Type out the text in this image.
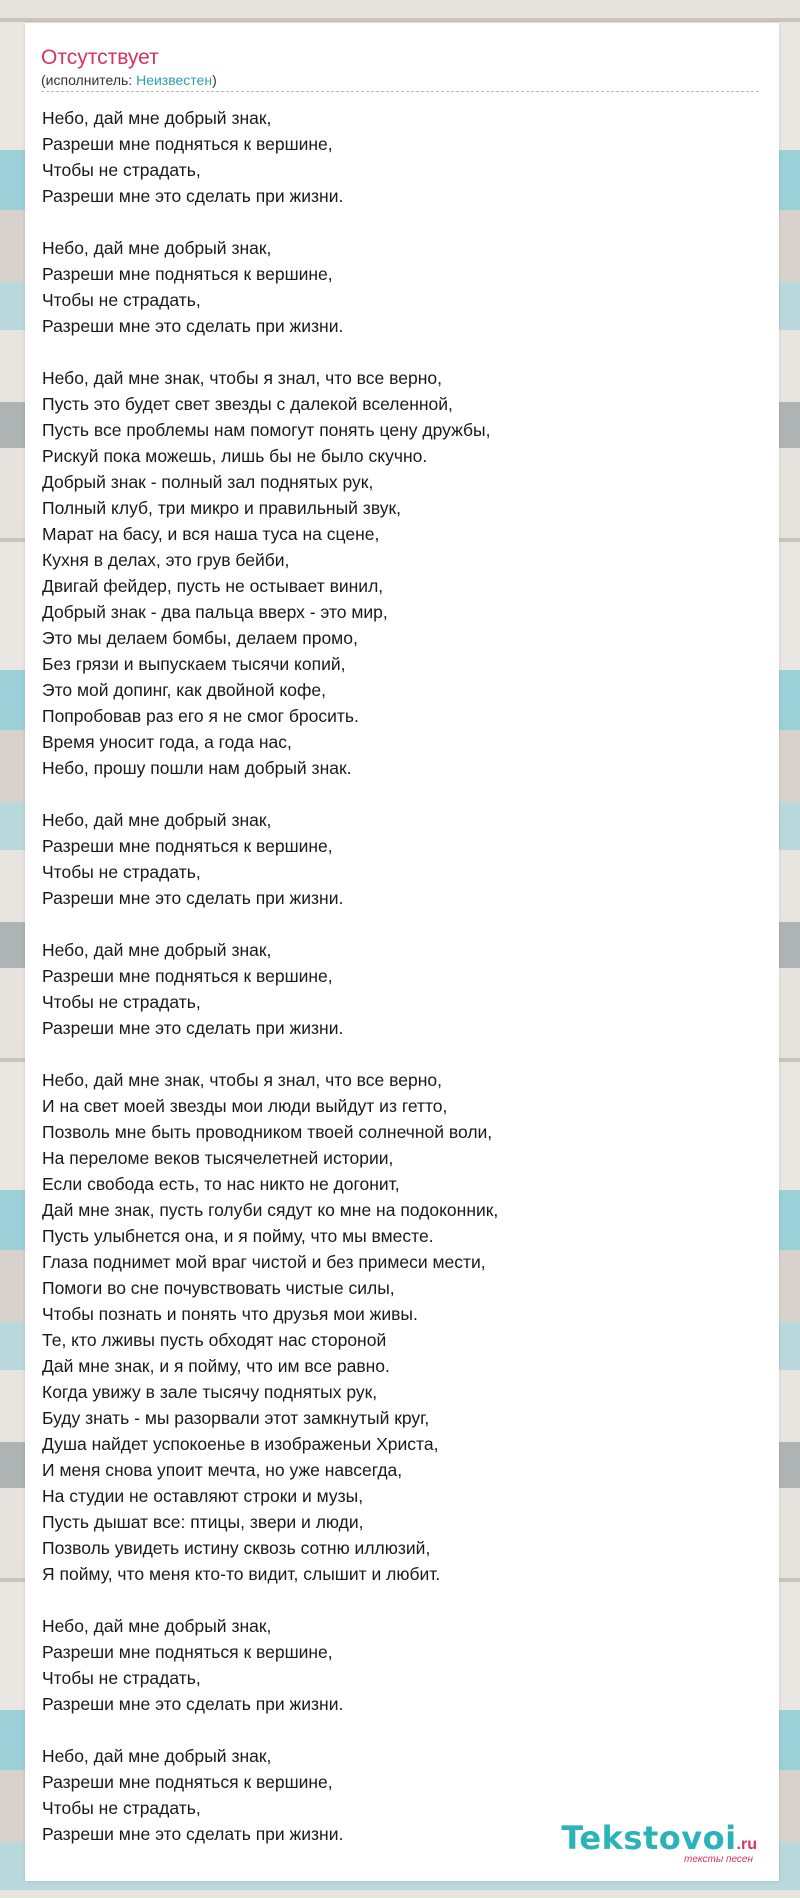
Отсутствует
(исполнитель: Неизвестен)
Небо, дай мне добрый знак,
Разреши мне подняться к вершине,
Чтобы не страдать,
Разреши мне это сделать при жизни.
Небо, дай мне добрый знак,
Разреши мне подняться к вершине,
Чтобы не страдать,
Разреши мне это сделать при жизни.
Небо, дай мне знак, чтобы я знал, что все верно,
Пусть это будет свет звезды с далекой вселенной,
Пусть все проблемы нам помогут понять цену дружбы,
Рискуй пока можешь, лишь бы не было скучно.
Добрый знак - полный зал поднятых рук,
Полный клуб, три микро и правильный звук,
Марат на басу, и вся наша туса на сцене,
Кухня в делах, это грув бейби,
Двигай фейдер, пусть не остывает винил,
Добрый знак - два пальца вверх - это мир,
Это мы делаем бомбы, делаем промо,
Без грязи и выпускаем тысячи копий,
Это мой допинг, как двойной кофе,
Попробовав раз его я не смог бросить.
Время уносит года, а года нас,
Небо, прошу пошли нам добрый знак.
Небо, дай мне добрый знак,
Разреши мне подняться к вершине,
Чтобы не страдать,
Разреши мне это сделать при жизни.
Небо, дай мне добрый знак,
Разреши мне подняться к вершине,
Чтобы не страдать,
Разреши мне это сделать при жизни.
Небо, дай мне знак, чтобы я знал, что все верно,
И на свет моей звезды мои люди выйдут из гетто,
Позволь мне быть проводником твоей солнечной воли,
На переломе веков тысячелетней истории,
Если свобода есть, то нас никто не догонит,
Дай мне знак, пусть голуби сядут ко мне на подоконник,
Пусть улыбнется она, и я пойму, что мы вместе.
Глаза поднимет мой враг чистой и без примеси мести,
Помоги во сне почувствовать чистые силы,
Чтобы познать и понять что друзья мои живы.
Те, кто лживы пусть обходят нас стороной
Дай мне знак, и я пойму, что им все равно.
Когда увижу в зале тысячу поднятых рук,
Буду знать - мы разорвали этот замкнутый круг,
Душа найдет успокоенье в изображеньи Христа,
И меня снова упоит мечта, но уже навсегда,
На студии не оставляют строки и музы,
Пусть дышат все: птицы, звери и люди,
Позволь увидеть истину сквозь сотню иллюзий,
Я пойму, что меня кто-то видит, слышит и любит.
Небо, дай мне добрый знак,
Разреши мне подняться к вершине,
Чтобы не страдать,
Разреши мне это сделать при жизни.
Небо, дай мне добрый знак,
Разреши мне подняться к вершине,
Чтобы не страдать,
Разреши мне это сделать при жизни.	Tekstovoi.ru
тексты песен
